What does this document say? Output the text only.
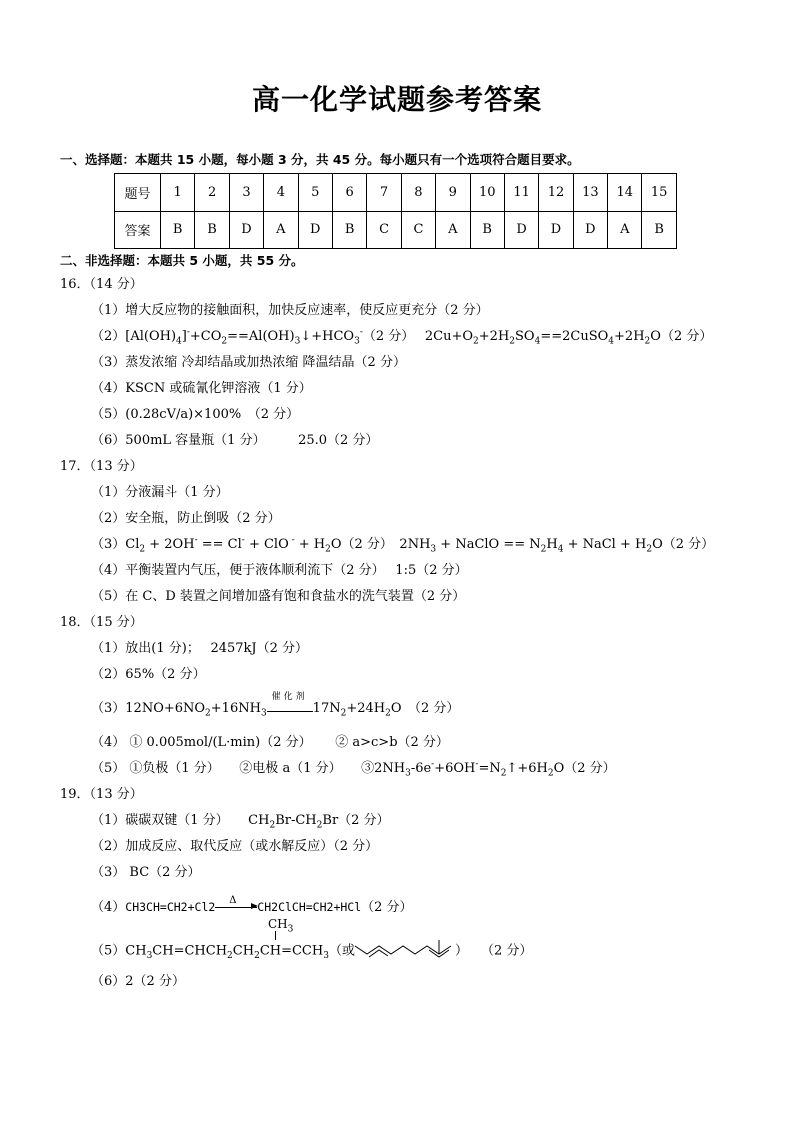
高一化学试题参考答案
一、选择题：本题共 15 小题，每小题 3 分，共 45 分。每小题只有一个选项符合题目要求。
题号	1	2	3	4	5	6	7	8	9	10	11	12	13	14	15
答案	B	B	D	A	D	B	C	C	A	B	D	D	D	A	B
二、非选择题：本题共 5 小题，共 55 分。
16．（14 分）
（1）增大反应物的接触面积，加快反应速率，使反应更充分（2 分）
$(2)[Al(OH)_4]^-+CO_2==Al(OH)_3↓+HCO_3^-(2$ 分）　 $2Cu+O_2+2H_2SO_4==2CuSO_4+2H_2O(2$ 分）
（3）蒸发浓缩 冷却结晶或加热浓缩 降温结晶（2 分）
（4）KSCN 或硫氰化钾溶液（1 分）
（5）(0.28cV/a)×100%　（2 分）
（6）500mL 容量瓶（1 分）　　　25.0（2 分）
17．（13 分）
（1）分液漏斗（1 分）
（2）安全瓶，防止倒吸（2 分）
$(3)Cl_2 + 2OH^- == Cl^-$ + ClO $^- + H_2O(2$ 分）　$2NH_3$ + NaClO == $N_2H_4$ + NaCl + $H_2O(2$ 分）
（4）平衡装置内气压，便于液体顺利流下（2 分）　 1:5（2 分）
（5）在 C、D 装置之间增加盛有饱和食盐水的洗气装置（2 分）
18．（15 分）
（1）放出(1 分)；　 2457kJ（2 分）
（2）65%（2 分）
$(3)12NO+6NO_2+16NH_3$
催化剂
$17N_2+24H_2O$　（2 分）
（4） ① 0.005mol/(L·min)（2 分）　　 ② a>c>b（2 分）
（5） ①负极（1 分）　　②电极 a（1 分）　　$③2NH_3-6e^-+6OH^-=N_2↑+6H_2O(2$ 分）
19．（13 分）
（1）碳碳双键（1 分）　　$CH_2Br-CH_2Br(2$ 分）
（2）加成反应、取代反应（或水解反应）（2 分）
（3） BC（2 分）
（4）CH3CH=CH2+Cl2 Δ CH2ClCH=CH2+HCl（2 分）
$CH_3$
$(5)CH_3CH=CHCH_2CH_2CH=CCH_3$（或	）　　（2 分）
（6）2（2 分）
